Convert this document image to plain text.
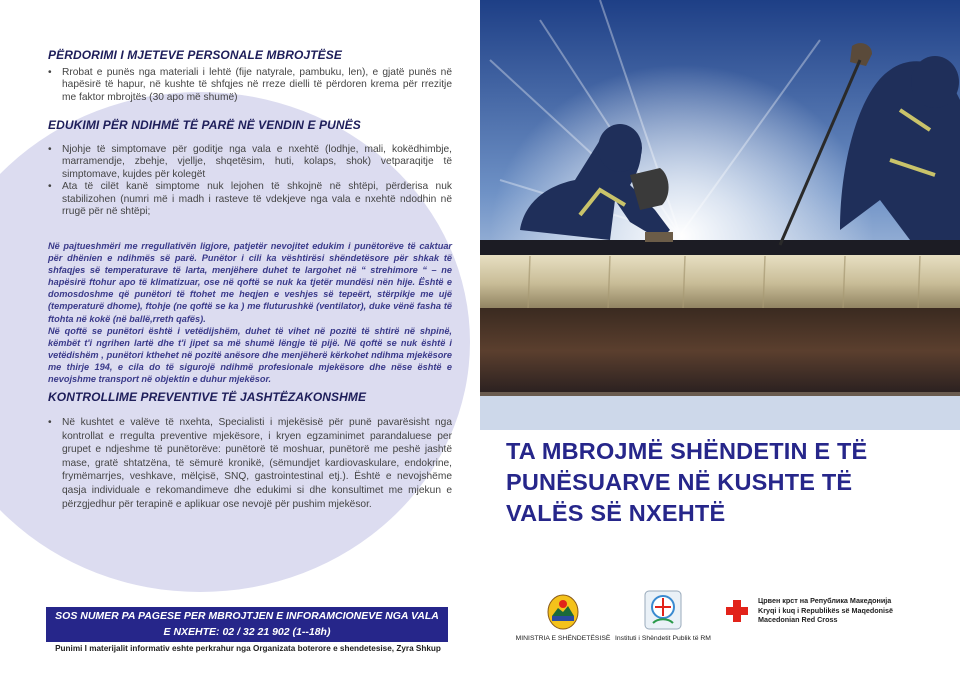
PËRDORIMI I MJETEVE PERSONALE MBROJTËSE
• Rrobat e punës nga materiali i lehtë (fije natyrale, pambuku, len), e gjatë punës në hapësirë të hapur, në kushte të shfqjes në rreze dielli të përdoren krema për rrezitje me faktor mbrojtës (30 apo më shumë)
EDUKIMI PËR NDIHMË TË PARË NË VENDIN E PUNËS
• Njohje të simptomave për goditje nga vala e nxehtë (lodhje, mali, kokëdhimbje, marramendje, zbehje, vjellje, shqetësim, huti, kolaps, shok) vetparaqitje të simptomave, kujdes për kolegët
• Ata të cilët kanë simptome nuk lejohen të shkojnë në shtëpi, përderisa nuk stabilizohen (numri më i madh i rasteve të vdekjeve nga vala e nxehtë ndodhin në rrugë për në shtëpi;

Në pajtueshmëri me rregullativën ligjore, patjetër nevojitet edukim i punëtorëve të caktuar për dhënien e ndihmës së parë. Punëtor i cili ka vështirësi shëndetësore për shkak të shfaqjes së temperaturave të larta, menjëhere duhet te largohet në “ strehimore “ – ne hapësirë ftohur apo të klimatizuar, ose në qoftë se nuk ka tjetër mundësi nën hije. Është e domosdoshme që punëtori të ftohet me heqjen e veshjes së tepeërt, stërpikje me ujë (temperaturë dhome), ftohje (ne qoftë se ka ) me fluturushkë (ventilator), duke vënë fasha të ftohta në kokë (në ballë,rreth qafës).

Në qoftë se punëtori është i vetëdijshëm, duhet të vihet në pozitë të shtirë në shpinë, këmbët t'i ngrihen lartë dhe t'i jipet sa më shumë lëngje të pijë. Në qoftë se nuk është i vetëdishëm , punëtori kthehet në pozitë anësore dhe menjëherë kërkohet ndihma mjekësore me thirje 194, e cila do të sigurojë ndihmë profesionale mjekësore dhe nëse është e nevojshme transport në objektin e duhur mjekësor.

KONTROLLIME PREVENTIVE TË JASHTËZAKONSHME
• Në kushtet e valëve të nxehta, Specialisti i mjekësisë për punë pavarësisht nga kontrollat e rregulta preventive mjekësore, i kryen egzaminimet parandaluese per grupet e ndjeshme të punëtorëve: punëtorë të moshuar, punëtorë me peshë jashtë mase, gratë shtatzëna, të sëmurë kronikë, (sëmundjet kardiovaskulare, endokrine, frymëmarrjes, veshkave, mëlçisë, SNQ, gastrointestinal etj.). Është e nevojshëme qasja individuale e rekomandimeve dhe edukimi si dhe konsultimet me mjekun e përzgjedhur për terapinë e aplikuar ose nevojë për pushim mjekësor.
SOS NUMER PA PAGESE PER MBROJTJEN E INFORAMCIONEVE NGA VALA
E NXEHTE: 02 / 32 21 902 (1--18h)
Punimi I materijalit informativ eshte perkrahur nga Organizata boterore e shendetesise, Zyra Shkup
TA MBROJMË SHËNDETIN E TË
PUNËSUARVE NË KUSHTE TË
VALËS SË NXEHTË
MINISTRIA E SHËNDETËSISË Instituti i Shëndetit Publik të RM
Црвен крст на Република Македонија
Kryqi i kuq i Republikës së Maqedonisë
Macedonian Red Cross
